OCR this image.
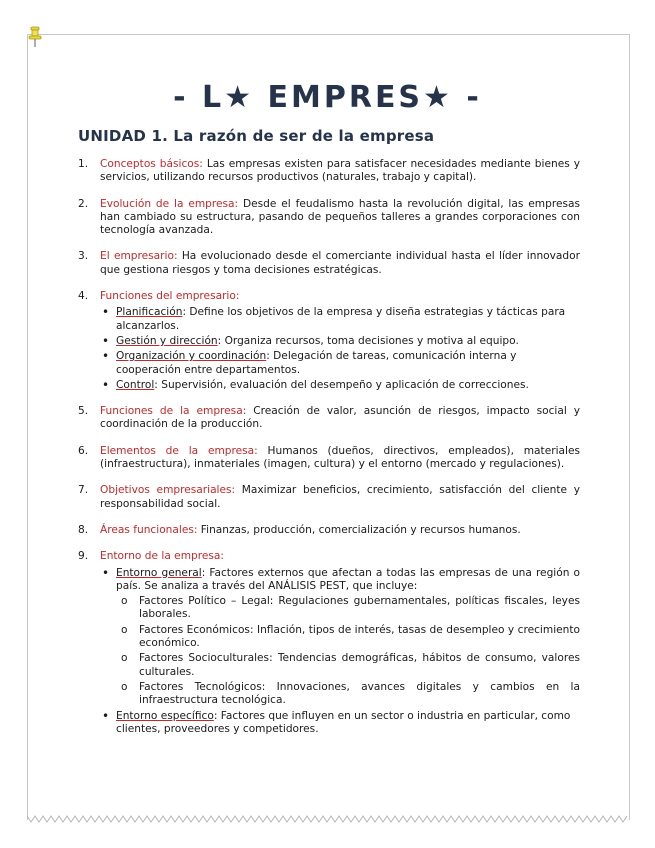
- L★ EMPRES★ -
UNIDAD 1. La razón de ser de la empresa
1.	Conceptos básicos: Las empresas existen para satisfacer necesidades mediante bienes y servicios, utilizando recursos productivos (naturales, trabajo y capital).
2.	Evolución de la empresa: Desde el feudalismo hasta la revolución digital, las empresas han cambiado su estructura, pasando de pequeños talleres a grandes corporaciones con tecnología avanzada.
3.	El empresario: Ha evolucionado desde el comerciante individual hasta el líder innovador que gestiona riesgos y toma decisiones estratégicas.
4.	Funciones del empresario:
• Planificación: Define los objetivos de la empresa y diseña estrategias y tácticas para alcanzarlos.
• Gestión y dirección: Organiza recursos, toma decisiones y motiva al equipo.
• Organización y coordinación: Delegación de tareas, comunicación interna y cooperación entre departamentos.
• Control: Supervisión, evaluación del desempeño y aplicación de correcciones.
5.	Funciones de la empresa: Creación de valor, asunción de riesgos, impacto social y coordinación de la producción.
6.	Elementos de la empresa: Humanos (dueños, directivos, empleados), materiales (infraestructura), inmateriales (imagen, cultura) y el entorno (mercado y regulaciones).
7.	Objetivos empresariales: Maximizar beneficios, crecimiento, satisfacción del cliente y responsabilidad social.
8.	Áreas funcionales: Finanzas, producción, comercialización y recursos humanos.
9.	Entorno de la empresa:
• Entorno general: Factores externos que afectan a todas las empresas de una región o país. Se analiza a través del ANÁLISIS PEST, que incluye:
o Factores Político – Legal: Regulaciones gubernamentales, políticas fiscales, leyes laborales.
o Factores Económicos: Inflación, tipos de interés, tasas de desempleo y crecimiento económico.
o Factores Socioculturales: Tendencias demográficas, hábitos de consumo, valores culturales.
o Factores Tecnológicos: Innovaciones, avances digitales y cambios en la infraestructura tecnológica.
• Entorno específico: Factores que influyen en un sector o industria en particular, como clientes, proveedores y competidores.
